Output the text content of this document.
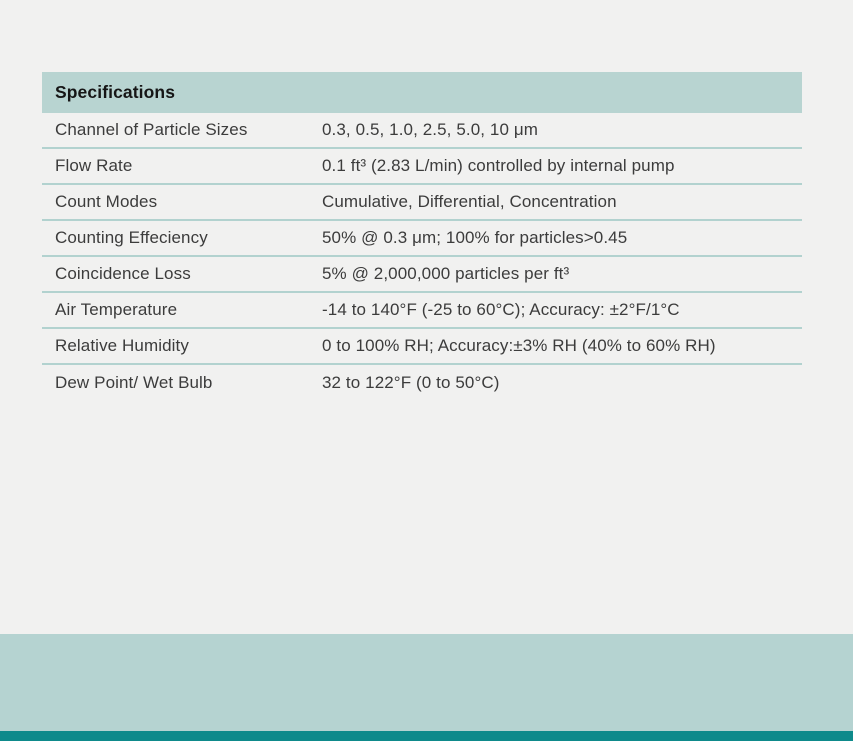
Specifications
Channel of Particle Sizes	0.3, 0.5, 1.0, 2.5, 5.0, 10 μm
Flow Rate	0.1 ft³ (2.83 L/min) controlled by internal pump
Count Modes	Cumulative, Differential, Concentration
Counting Effeciency	50% @ 0.3 μm; 100% for particles>0.45
Coincidence Loss	5% @ 2,000,000 particles per ft³
Air Temperature	-14 to 140°F (-25 to 60°C); Accuracy: ±2°F/1°C
Relative Humidity	0 to 100% RH; Accuracy:±3% RH (40% to 60% RH)
Dew Point/ Wet Bulb	32 to 122°F (0 to 50°C)
